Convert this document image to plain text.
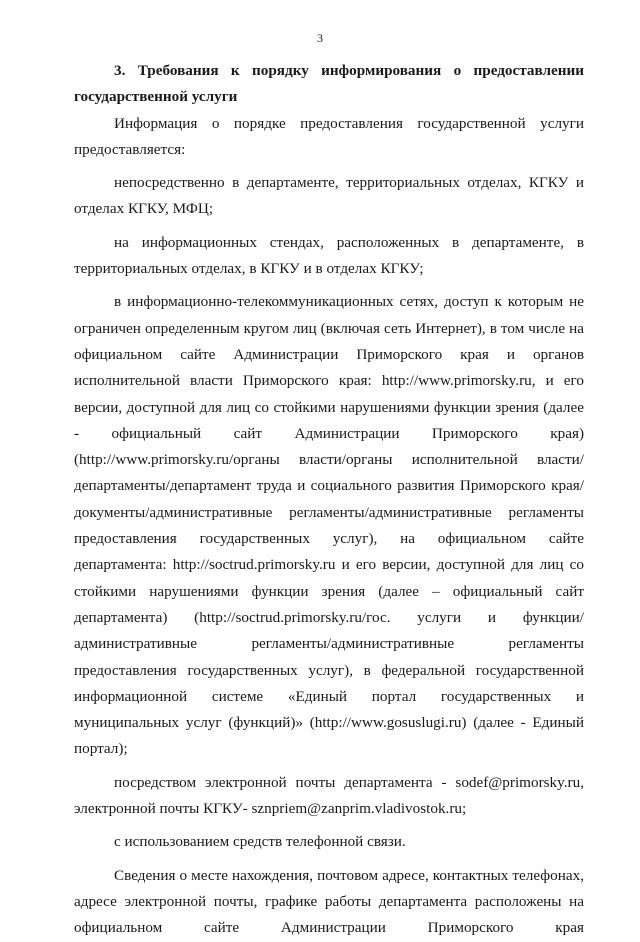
3

3. Требования к порядку информирования о предоставлении государственной услуги

Информация о порядке предоставления государственной услуги предоставляется:

непосредственно в департаменте, территориальных отделах, КГКУ и отделах КГКУ, МФЦ;

на информационных стендах, расположенных в департаменте, в территориальных отделах, в КГКУ и в отделах КГКУ;

в информационно-телекоммуникационных сетях, доступ к которым не ограничен определенным кругом лиц (включая сеть Интернет), в том числе на официальном сайте Администрации Приморского края и органов исполнительной власти Приморского края: http://www.primorsky.ru, и его версии, доступной для лиц со стойкими нарушениями функции зрения (далее - официальный сайт Администрации Приморского края) (http://www.primorsky.ru/органы власти/органы исполнительной власти/департаменты/департамент труда и социального развития Приморского края/документы/административные регламенты/административные регламенты предоставления государственных услуг), на официальном сайте департамента: http://soctrud.primorsky.ru и его версии, доступной для лиц со стойкими нарушениями функции зрения (далее – официальный сайт департамента) (http://soctrud.primorsky.ru/гос. услуги и функции/административные регламенты/административные регламенты предоставления государственных услуг), в федеральной государственной информационной системе «Единый портал государственных и муниципальных услуг (функций)» (http://www.gosuslugi.ru) (далее - Единый портал);

посредством электронной почты департамента - sodef@primorsky.ru, электронной почты КГКУ- sznpriem@zanprim.vladivostok.ru;

с использованием средств телефонной связи.

Сведения о месте нахождения, почтовом адресе, контактных телефонах, адресе электронной почты, графике работы департамента расположены на официальном сайте Администрации Приморского края
